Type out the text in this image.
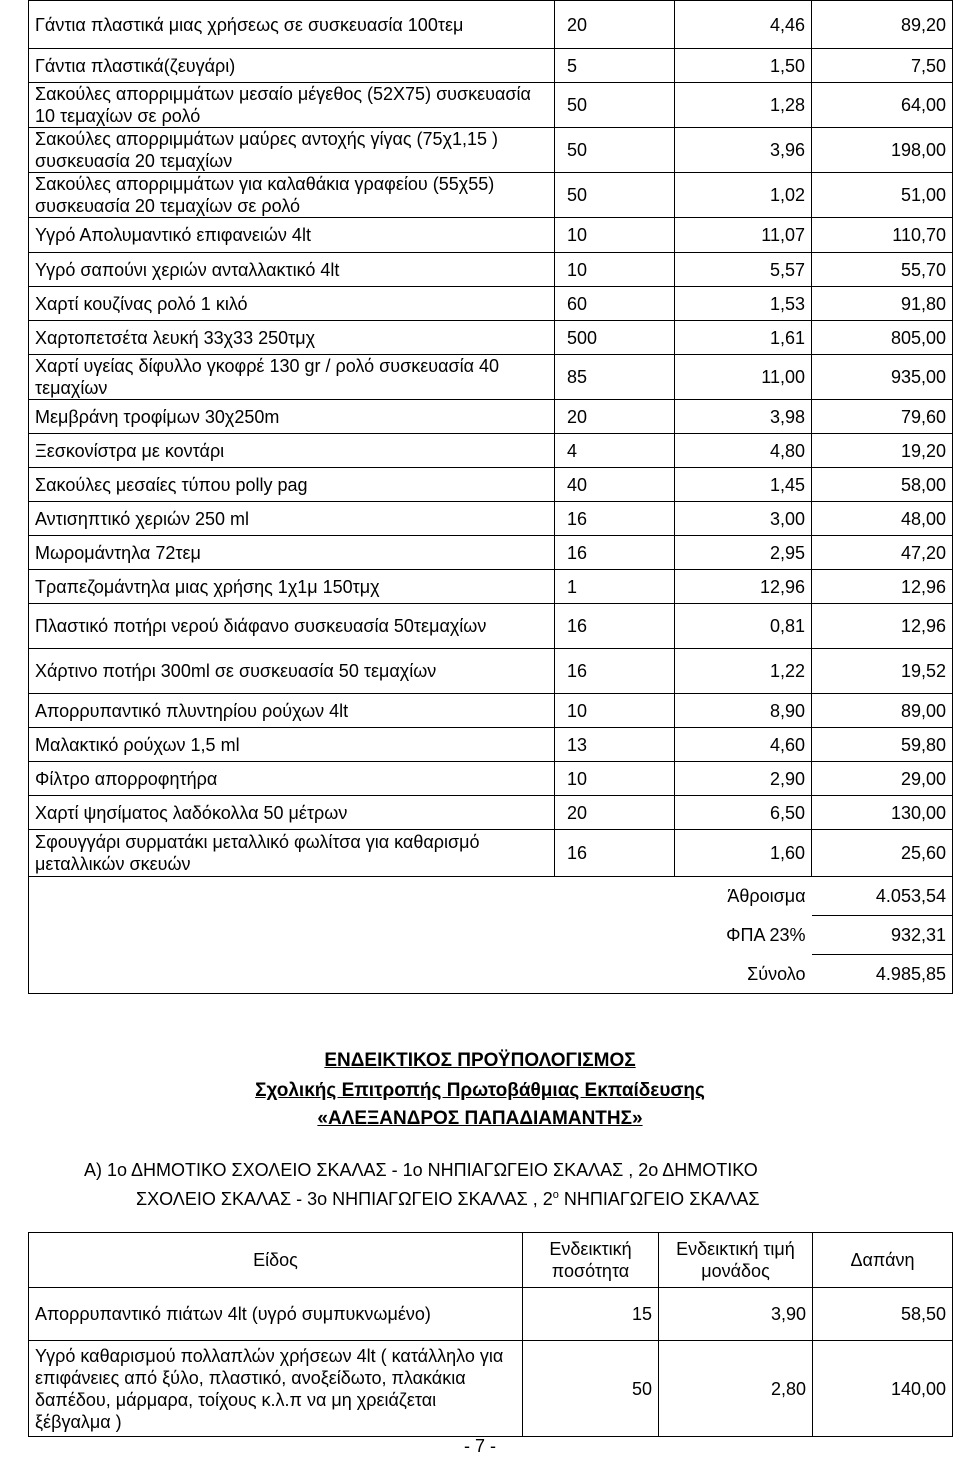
Γάντια πλαστικά μιας χρήσεως σε συσκευασία 100τεμ	20	4,46	89,20
Γάντια πλαστικά(ζευγάρι)	5	1,50	7,50
Σακούλες απορριμμάτων μεσαίο μέγεθος (52Χ75) συσκευασία 10 τεμαχίων σε ρολό	50	1,28	64,00
Σακούλες απορριμμάτων μαύρες αντοχής γίγας (75χ1,15 ) συσκευασία 20 τεμαχίων	50	3,96	198,00
Σακούλες απορριμμάτων για καλαθάκια γραφείου (55χ55) συσκευασία 20 τεμαχίων σε ρολό	50	1,02	51,00
Υγρό Απολυμαντικό επιφανειών 4lt	10	11,07	110,70
Υγρό σαπούνι χεριών ανταλλακτικό 4lt	10	5,57	55,70
Χαρτί κουζίνας ρολό 1 κιλό	60	1,53	91,80
Χαρτοπετσέτα λευκή 33χ33 250τμχ	500	1,61	805,00
Χαρτί υγείας δίφυλλο γκοφρέ 130 gr / ρολό συσκευασία 40 τεμαχίων	85	11,00	935,00
Μεμβράνη τροφίμων 30χ250m	20	3,98	79,60
Ξεσκονίστρα με κοντάρι	4	4,80	19,20
Σακούλες μεσαίες τύπου polly pag	40	1,45	58,00
Αντισηπτικό χεριών 250 ml	16	3,00	48,00
Μωρομάντηλα 72τεμ	16	2,95	47,20
Τραπεζομάντηλα μιας χρήσης 1χ1μ 150τμχ	1	12,96	12,96
Πλαστικό ποτήρι νερού διάφανο συσκευασία 50τεμαχίων	16	0,81	12,96
Χάρτινο ποτήρι 300ml σε συσκευασία 50 τεμαχίων	16	1,22	19,52
Απορρυπαντικό πλυντηρίου ρούχων 4lt	10	8,90	89,00
Μαλακτικό ρούχων 1,5 ml	13	4,60	59,80
Φίλτρο απορροφητήρα	10	2,90	29,00
Χαρτί ψησίματος λαδόκολλα 50 μέτρων	20	6,50	130,00
Σφουγγάρι συρματάκι μεταλλικό φωλίτσα για καθαρισμό μεταλλικών σκευών	16	1,60	25,60
		Άθροισμα	4.053,54
		ΦΠΑ 23%	932,31
		Σύνολο	4.985,85
ΕΝΔΕΙΚΤΙΚΟΣ ΠΡΟΫΠΟΛΟΓΙΣΜΟΣ
Σχολικής Επιτροπής Πρωτοβάθμιας Εκπαίδευσης
«ΑΛΕΞΑΝΔΡΟΣ ΠΑΠΑΔΙΑΜΑΝΤΗΣ»
Α) 1ο ΔΗΜΟΤΙΚΟ ΣΧΟΛΕΙΟ ΣΚΑΛΑΣ - 1ο ΝΗΠΙΑΓΩΓΕΙΟ ΣΚΑΛΑΣ , 2ο ΔΗΜΟΤΙΚΟ
ΣΧΟΛΕΙΟ ΣΚΑΛΑΣ - 3ο ΝΗΠΙΑΓΩΓΕΙΟ ΣΚΑΛΑΣ , $2^o$ ΝΗΠΙΑΓΩΓΕΙΟ ΣΚΑΛΑΣ
Είδος	Ενδεικτική ποσότητα	Ενδεικτική τιμή μονάδος	Δαπάνη
Απορρυπαντικό πιάτων 4lt (υγρό συμπυκνωμένο)	15	3,90	58,50
Υγρό καθαρισμού πολλαπλών χρήσεων 4lt ( κατάλληλο για επιφάνειες από ξύλο, πλαστικό, ανοξείδωτο, πλακάκια δαπέδου, μάρμαρα, τοίχους κ.λ.π να μη χρειάζεται ξέβγαλμα )	50	2,80	140,00
- 7 -
